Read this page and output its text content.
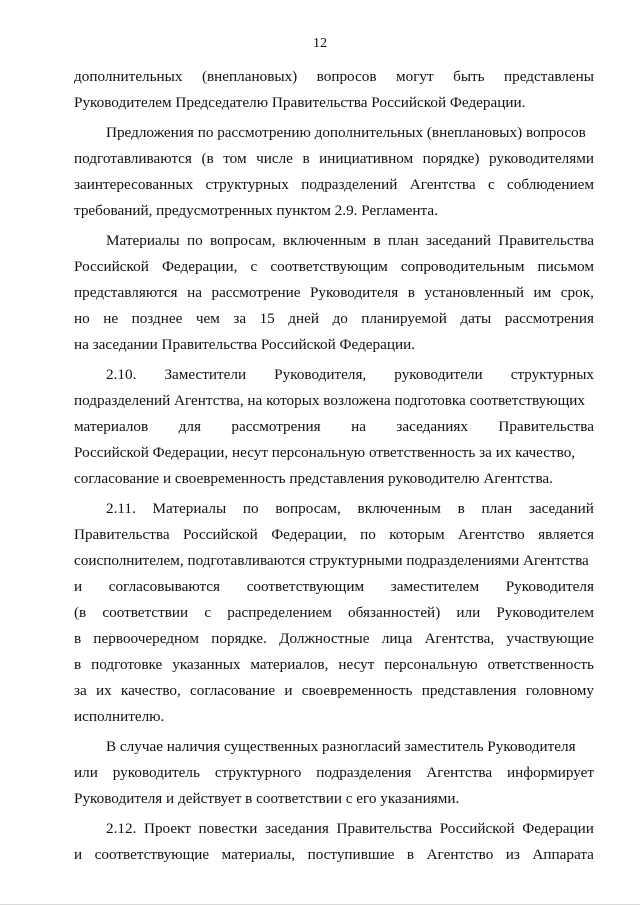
12
дополнительных (внеплановых) вопросов могут быть представлены
Руководителем Председателю Правительства Российской Федерации.
Предложения по рассмотрению дополнительных (внеплановых) вопросов
подготавливаются (в том числе в инициативном порядке) руководителями
заинтересованных структурных подразделений Агентства с соблюдением
требований, предусмотренных пунктом 2.9. Регламента.
Материалы по вопросам, включенным в план заседаний Правительства
Российской Федерации, с соответствующим сопроводительным письмом
представляются на рассмотрение Руководителя в установленный им срок,
но не позднее чем за 15 дней до планируемой даты рассмотрения
на заседании Правительства Российской Федерации.
2.10. Заместители Руководителя, руководители структурных
подразделений Агентства, на которых возложена подготовка соответствующих
материалов для рассмотрения на заседаниях Правительства
Российской Федерации, несут персональную ответственность за их качество,
согласование и своевременность представления руководителю Агентства.
2.11. Материалы по вопросам, включенным в план заседаний
Правительства Российской Федерации, по которым Агентство является
соисполнителем, подготавливаются структурными подразделениями Агентства
и согласовываются соответствующим заместителем Руководителя
(в соответствии с распределением обязанностей) или Руководителем
в первоочередном порядке. Должностные лица Агентства, участвующие
в подготовке указанных материалов, несут персональную ответственность
за их качество, согласование и своевременность представления головному
исполнителю.
В случае наличия существенных разногласий заместитель Руководителя
или руководитель структурного подразделения Агентства информирует
Руководителя и действует в соответствии с его указаниями.
2.12. Проект повестки заседания Правительства Российской Федерации
и соответствующие материалы, поступившие в Агентство из Аппарата
